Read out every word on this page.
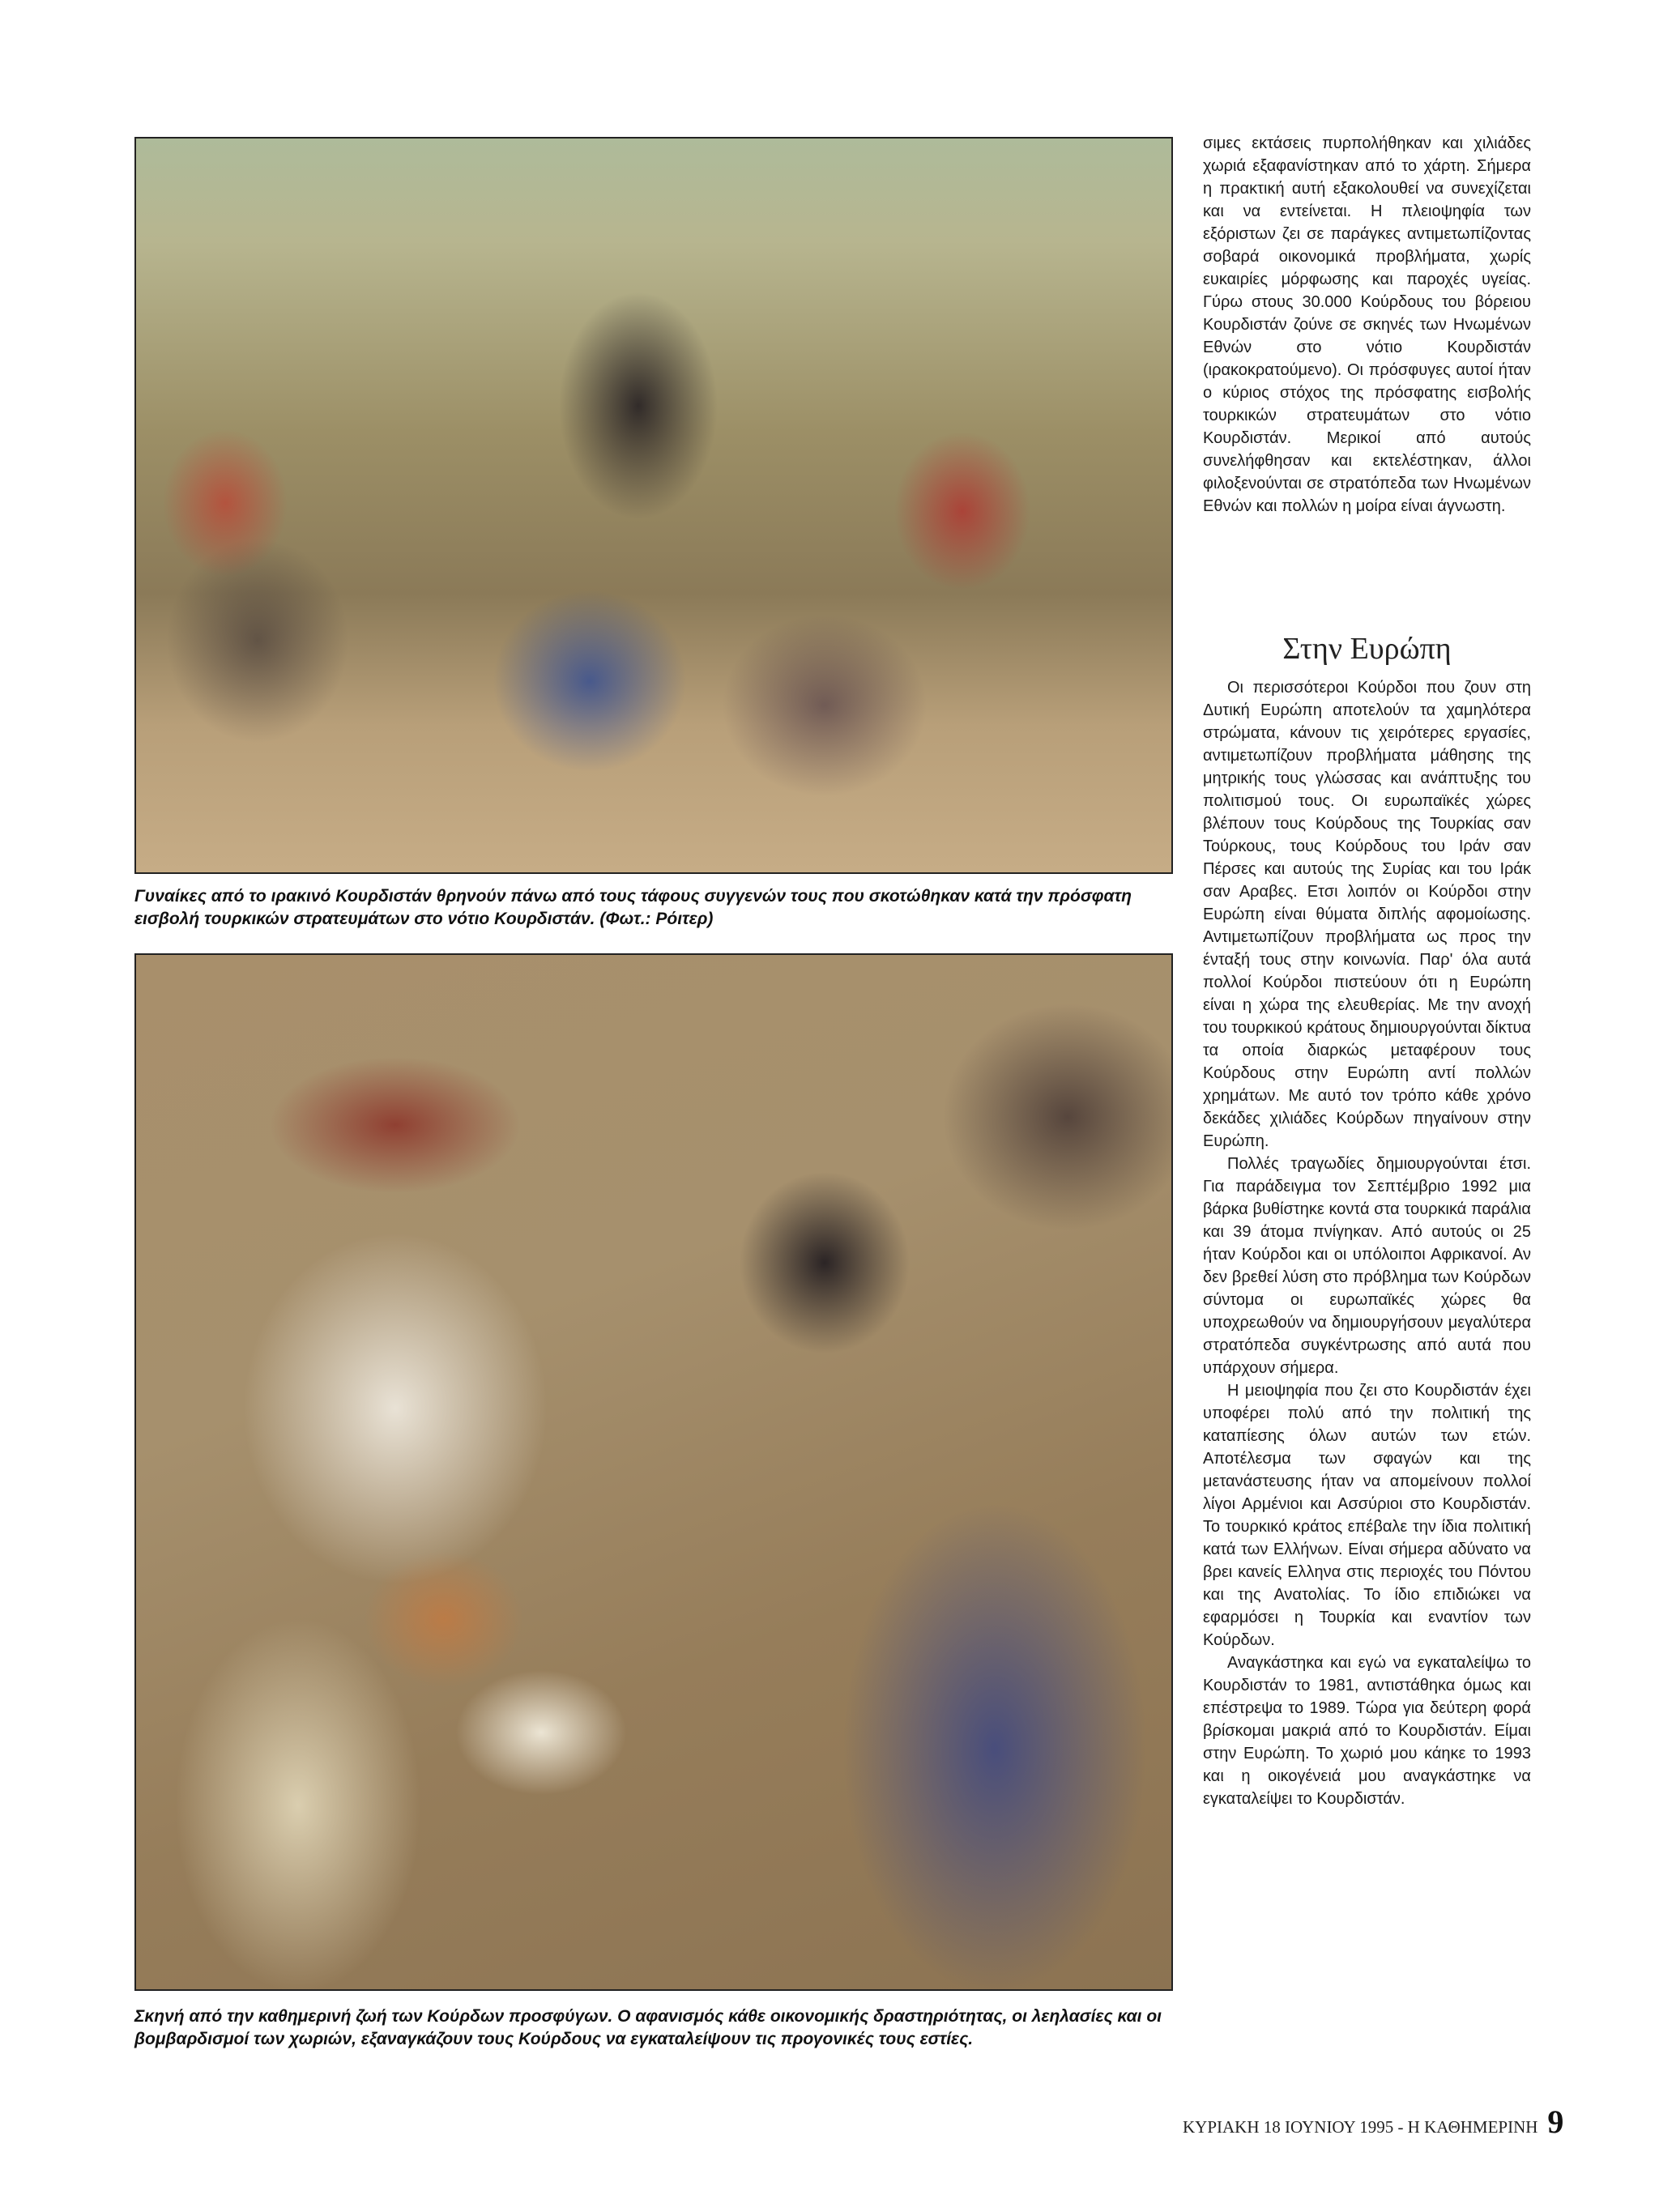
Γυναίκες από το ιρακινό Κουρδιστάν θρηνούν πάνω από τους τάφους συγγενών τους που σκοτώθηκαν κατά την πρόσφατη εισβολή τουρκικών στρατευμάτων στο νότιο Κουρδιστάν. (Φωτ.: Ρόιτερ)

Σκηνή από την καθημερινή ζωή των Κούρδων προσφύγων. Ο αφανισμός κάθε οικονομικής δραστηριότητας, οι λεηλασίες και οι βομβαρδισμοί των χωριών, εξαναγκάζουν τους Κούρδους να εγκαταλείψουν τις προγονικές τους εστίες.

σιμες εκτάσεις πυρπολήθηκαν και χιλιάδες χωριά εξαφανίστηκαν από το χάρτη. Σήμερα η πρακτική αυτή εξακολουθεί να συνεχίζεται και να εντείνεται. Η πλειοψηφία των εξόριστων ζει σε παράγκες αντιμετωπίζοντας σοβαρά οικονομικά προβλήματα, χωρίς ευκαιρίες μόρφωσης και παροχές υγείας. Γύρω στους 30.000 Κούρδους του βόρειου Κουρδιστάν ζούνε σε σκηνές των Ηνωμένων Εθνών στο νότιο Κουρδιστάν (ιρακοκρατούμενο). Οι πρόσφυγες αυτοί ήταν ο κύριος στόχος της πρόσφατης εισβολής τουρκικών στρατευμάτων στο νότιο Κουρδιστάν. Μερικοί από αυτούς συνελήφθησαν και εκτελέστηκαν, άλλοι φιλοξενούνται σε στρατόπεδα των Ηνωμένων Εθνών και πολλών η μοίρα είναι άγνωστη.

Στην Ευρώπη

Οι περισσότεροι Κούρδοι που ζουν στη Δυτική Ευρώπη αποτελούν τα χαμηλότερα στρώματα, κάνουν τις χειρότερες εργασίες, αντιμετωπίζουν προβλήματα μάθησης της μητρικής τους γλώσσας και ανάπτυξης του πολιτισμού τους. Οι ευρωπαϊκές χώρες βλέπουν τους Κούρδους της Τουρκίας σαν Τούρκους, τους Κούρδους του Ιράν σαν Πέρσες και αυτούς της Συρίας και του Ιράκ σαν Αραβες. Ετσι λοιπόν οι Κούρδοι στην Ευρώπη είναι θύματα διπλής αφομοίωσης. Αντιμετωπίζουν προβλήματα ως προς την ένταξή τους στην κοινωνία. Παρ' όλα αυτά πολλοί Κούρδοι πιστεύουν ότι η Ευρώπη είναι η χώρα της ελευθερίας. Με την ανοχή του τουρκικού κράτους δημιουργούνται δίκτυα τα οποία διαρκώς μεταφέρουν τους Κούρδους στην Ευρώπη αντί πολλών χρημάτων. Με αυτό τον τρόπο κάθε χρόνο δεκάδες χιλιάδες Κούρδων πηγαίνουν στην Ευρώπη.

Πολλές τραγωδίες δημιουργούνται έτσι. Για παράδειγμα τον Σεπτέμβριο 1992 μια βάρκα βυθίστηκε κοντά στα τουρκικά παράλια και 39 άτομα πνίγηκαν. Από αυτούς οι 25 ήταν Κούρδοι και οι υπόλοιποι Αφρικανοί. Αν δεν βρεθεί λύση στο πρόβλημα των Κούρδων σύντομα οι ευρωπαϊκές χώρες θα υποχρεωθούν να δημιουργήσουν μεγαλύτερα στρατόπεδα συγκέντρωσης από αυτά που υπάρχουν σήμερα.

Η μειοψηφία που ζει στο Κουρδιστάν έχει υποφέρει πολύ από την πολιτική της καταπίεσης όλων αυτών των ετών. Αποτέλεσμα των σφαγών και της μετανάστευσης ήταν να απομείνουν πολλοί λίγοι Αρμένιοι και Ασσύριοι στο Κουρδιστάν. Το τουρκικό κράτος επέβαλε την ίδια πολιτική κατά των Ελλήνων. Είναι σήμερα αδύνατο να βρει κανείς Ελληνα στις περιοχές του Πόντου και της Ανατολίας. Το ίδιο επιδιώκει να εφαρμόσει η Τουρκία και εναντίον των Κούρδων.

Αναγκάστηκα και εγώ να εγκαταλείψω το Κουρδιστάν το 1981, αντιστάθηκα όμως και επέστρεψα το 1989. Τώρα για δεύτερη φορά βρίσκομαι μακριά από το Κουρδιστάν. Είμαι στην Ευρώπη. Το χωριό μου κάηκε το 1993 και η οικογένειά μου αναγκάστηκε να εγκαταλείψει το Κουρδιστάν.

ΚΥΡΙΑΚΗ 18 ΙΟΥΝΙΟΥ 1995 - Η ΚΑΘΗΜΕΡΙΝΗ 9
